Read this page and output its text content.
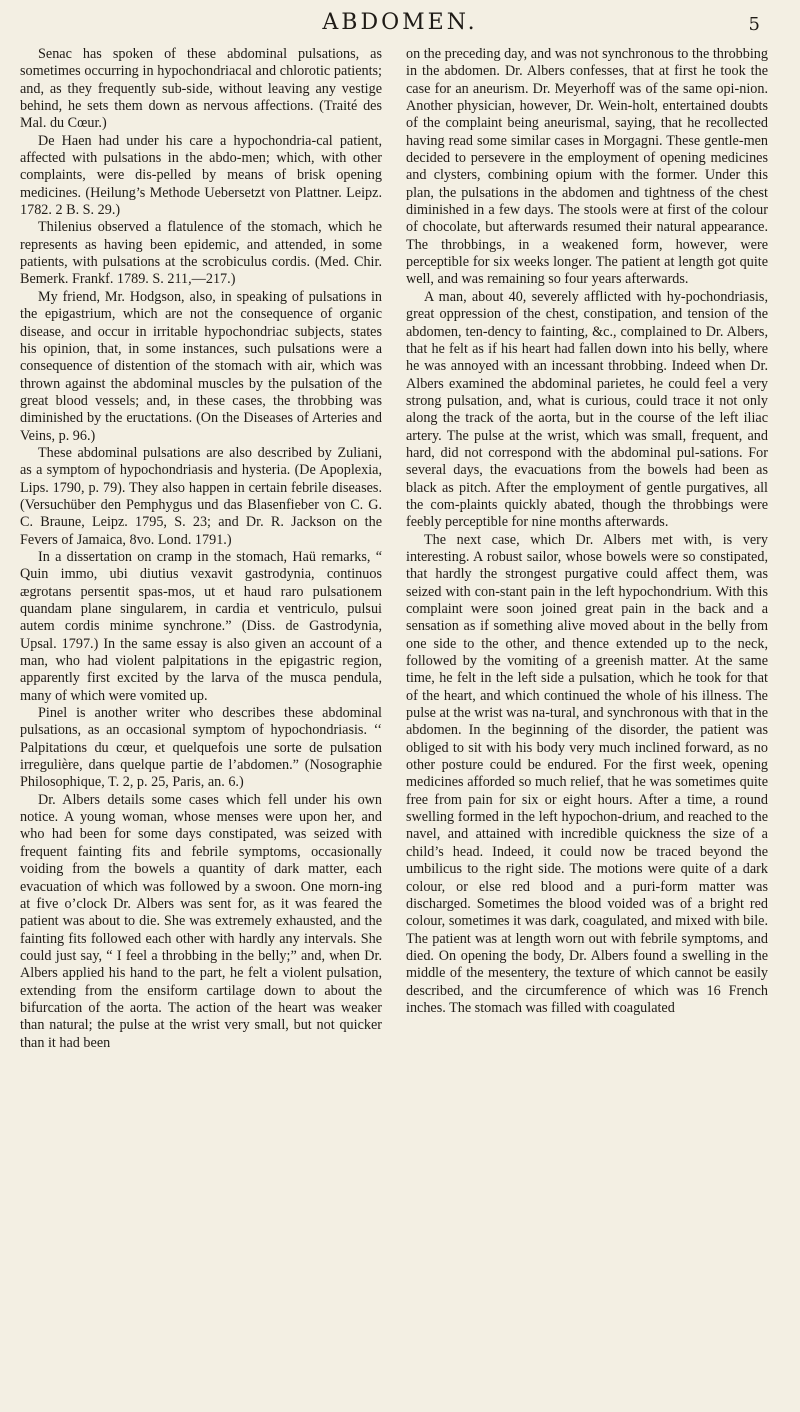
ABDOMEN.	5

Senac has spoken of these abdominal pulsations, as sometimes occurring in hypochondriacal and chlorotic patients; and, as they frequently sub-side, without leaving any vestige behind, he sets them down as nervous affections. (Traité des Mal. du Cœur.)

De Haen had under his care a hypochondria-cal patient, affected with pulsations in the abdo-men; which, with other complaints, were dis-pelled by means of brisk opening medicines. (Heilung’s Methode Uebersetzt von Plattner. Leipz. 1782. 2 B. S. 29.)

Thilenius observed a flatulence of the stomach, which he represents as having been epidemic, and attended, in some patients, with pulsations at the scrobiculus cordis. (Med. Chir. Bemerk. Frankf. 1789. S. 211,—217.)

My friend, Mr. Hodgson, also, in speaking of pulsations in the epigastrium, which are not the consequence of organic disease, and occur in irritable hypochondriac subjects, states his opinion, that, in some instances, such pulsations were a consequence of distention of the stomach with air, which was thrown against the abdominal muscles by the pulsation of the great blood vessels; and, in these cases, the throbbing was diminished by the eructations. (On the Diseases of Arteries and Veins, p. 96.)

These abdominal pulsations are also described by Zuliani, as a symptom of hypochondriasis and hysteria. (De Apoplexia, Lips. 1790, p. 79). They also happen in certain febrile diseases. (Versuchüber den Pemphygus und das Blasenfieber von C. G. C. Braune, Leipz. 1795, S. 23; and Dr. R. Jackson on the Fevers of Jamaica, 8vo. Lond. 1791.)

In a dissertation on cramp in the stomach, Haü remarks, “ Quin immo, ubi diutius vexavit gastrodynia, continuos ægrotans persentit spas-mos, ut et haud raro pulsationem quandam plane singularem, in cardia et ventriculo, pulsui autem cordis minime synchrone.” (Diss. de Gastrodynia, Upsal. 1797.) In the same essay is also given an account of a man, who had violent palpitations in the epigastric region, apparently first excited by the larva of the musca pendula, many of which were vomited up.

Pinel is another writer who describes these abdominal pulsations, as an occasional symptom of hypochondriasis. ‘‘ Palpitations du cœur, et quelquefois une sorte de pulsation irregulière, dans quelque partie de l’abdomen.” (Nosographie Philosophique, T. 2, p. 25, Paris, an. 6.)

Dr. Albers details some cases which fell under his own notice. A young woman, whose menses were upon her, and who had been for some days constipated, was seized with frequent fainting fits and febrile symptoms, occasionally voiding from the bowels a quantity of dark matter, each evacuation of which was followed by a swoon. One morn-ing at five o’clock Dr. Albers was sent for, as it was feared the patient was about to die. She was extremely exhausted, and the fainting fits followed each other with hardly any intervals. She could just say, “ I feel a throbbing in the belly;” and, when Dr. Albers applied his hand to the part, he felt a violent pulsation, extending from the ensiform cartilage down to about the bifurcation of the aorta. The action of the heart was weaker than natural; the pulse at the wrist very small, but not quicker than it had been

on the preceding day, and was not synchronous to the throbbing in the abdomen. Dr. Albers confesses, that at first he took the case for an aneurism. Dr. Meyerhoff was of the same opi-nion. Another physician, however, Dr. Wein-holt, entertained doubts of the complaint being aneurismal, saying, that he recollected having read some similar cases in Morgagni. These gentle-men decided to persevere in the employment of opening medicines and clysters, combining opium with the former. Under this plan, the pulsations in the abdomen and tightness of the chest diminished in a few days. The stools were at first of the colour of chocolate, but afterwards resumed their natural appearance. The throbbings, in a weakened form, however, were perceptible for six weeks longer. The patient at length got quite well, and was remaining so four years afterwards.

A man, about 40, severely afflicted with hy-pochondriasis, great oppression of the chest, constipation, and tension of the abdomen, ten-dency to fainting, &c., complained to Dr. Albers, that he felt as if his heart had fallen down into his belly, where he was annoyed with an incessant throbbing. Indeed when Dr. Albers examined the abdominal parietes, he could feel a very strong pulsation, and, what is curious, could trace it not only along the track of the aorta, but in the course of the left iliac artery. The pulse at the wrist, which was small, frequent, and hard, did not correspond with the abdominal pul-sations. For several days, the evacuations from the bowels had been as black as pitch. After the employment of gentle purgatives, all the com-plaints quickly abated, though the throbbings were feebly perceptible for nine months afterwards.

The next case, which Dr. Albers met with, is very interesting. A robust sailor, whose bowels were so constipated, that hardly the strongest purgative could affect them, was seized with con-stant pain in the left hypochondrium. With this complaint were soon joined great pain in the back and a sensation as if something alive moved about in the belly from one side to the other, and thence extended up to the neck, followed by the vomiting of a greenish matter. At the same time, he felt in the left side a pulsation, which he took for that of the heart, and which continued the whole of his illness. The pulse at the wrist was na-tural, and synchronous with that in the abdomen. In the beginning of the disorder, the patient was obliged to sit with his body very much inclined forward, as no other posture could be endured. For the first week, opening medicines afforded so much relief, that he was sometimes quite free from pain for six or eight hours. After a time, a round swelling formed in the left hypochon-drium, and reached to the navel, and attained with incredible quickness the size of a child’s head. Indeed, it could now be traced beyond the umbilicus to the right side. The motions were quite of a dark colour, or else red blood and a puri-form matter was discharged. Sometimes the blood voided was of a bright red colour, sometimes it was dark, coagulated, and mixed with bile. The patient was at length worn out with febrile symptoms, and died. On opening the body, Dr. Albers found a swelling in the middle of the mesentery, the texture of which cannot be easily described, and the circumference of which was 16 French inches. The stomach was filled with coagulated
